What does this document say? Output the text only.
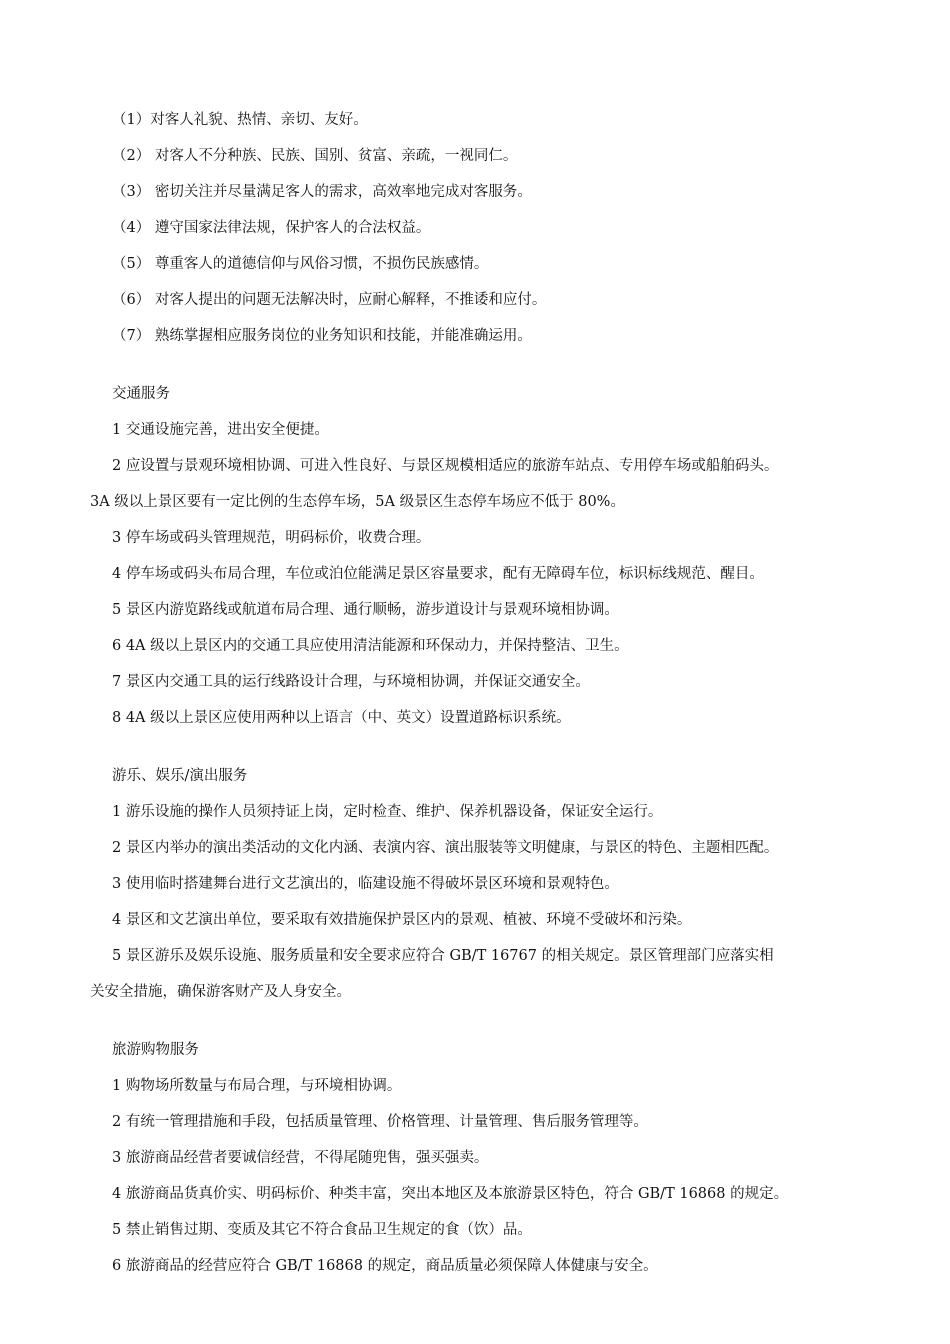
（1）对客人礼貌、热情、亲切、友好。

（2） 对客人不分种族、民族、国别、贫富、亲疏，一视同仁。

（3） 密切关注并尽量满足客人的需求，高效率地完成对客服务。

（4） 遵守国家法律法规，保护客人的合法权益。

（5） 尊重客人的道德信仰与风俗习惯，不损伤民族感情。

（6） 对客人提出的问题无法解决时，应耐心解释，不推诿和应付。

（7） 熟练掌握相应服务岗位的业务知识和技能，并能准确运用。

交通服务

1 交通设施完善，进出安全便捷。

2 应设置与景观环境相协调、可进入性良好、与景区规模相适应的旅游车站点、专用停车场或船舶码头。

3A 级以上景区要有一定比例的生态停车场，5A 级景区生态停车场应不低于 80%。

3 停车场或码头管理规范，明码标价，收费合理。

4 停车场或码头布局合理，车位或泊位能满足景区容量要求，配有无障碍车位，标识标线规范、醒目。

5 景区内游览路线或航道布局合理、通行顺畅，游步道设计与景观环境相协调。

6 4A 级以上景区内的交通工具应使用清洁能源和环保动力，并保持整洁、卫生。

7 景区内交通工具的运行线路设计合理，与环境相协调，并保证交通安全。

8 4A 级以上景区应使用两种以上语言（中、英文）设置道路标识系统。

游乐、娱乐/演出服务

1 游乐设施的操作人员须持证上岗，定时检查、维护、保养机器设备，保证安全运行。

2 景区内举办的演出类活动的文化内涵、表演内容、演出服装等文明健康，与景区的特色、主题相匹配。

3 使用临时搭建舞台进行文艺演出的，临建设施不得破坏景区环境和景观特色。

4 景区和文艺演出单位，要采取有效措施保护景区内的景观、植被、环境不受破坏和污染。

5 景区游乐及娱乐设施、服务质量和安全要求应符合 GB/T 16767 的相关规定。景区管理部门应落实相

关安全措施，确保游客财产及人身安全。

旅游购物服务

1 购物场所数量与布局合理，与环境相协调。

2 有统一管理措施和手段，包括质量管理、价格管理、计量管理、售后服务管理等。

3 旅游商品经营者要诚信经营，不得尾随兜售，强买强卖。

4 旅游商品货真价实、明码标价、种类丰富，突出本地区及本旅游景区特色，符合 GB/T 16868 的规定。

5 禁止销售过期、变质及其它不符合食品卫生规定的食（饮）品。

6 旅游商品的经营应符合 GB/T 16868 的规定，商品质量必须保障人体健康与安全。
